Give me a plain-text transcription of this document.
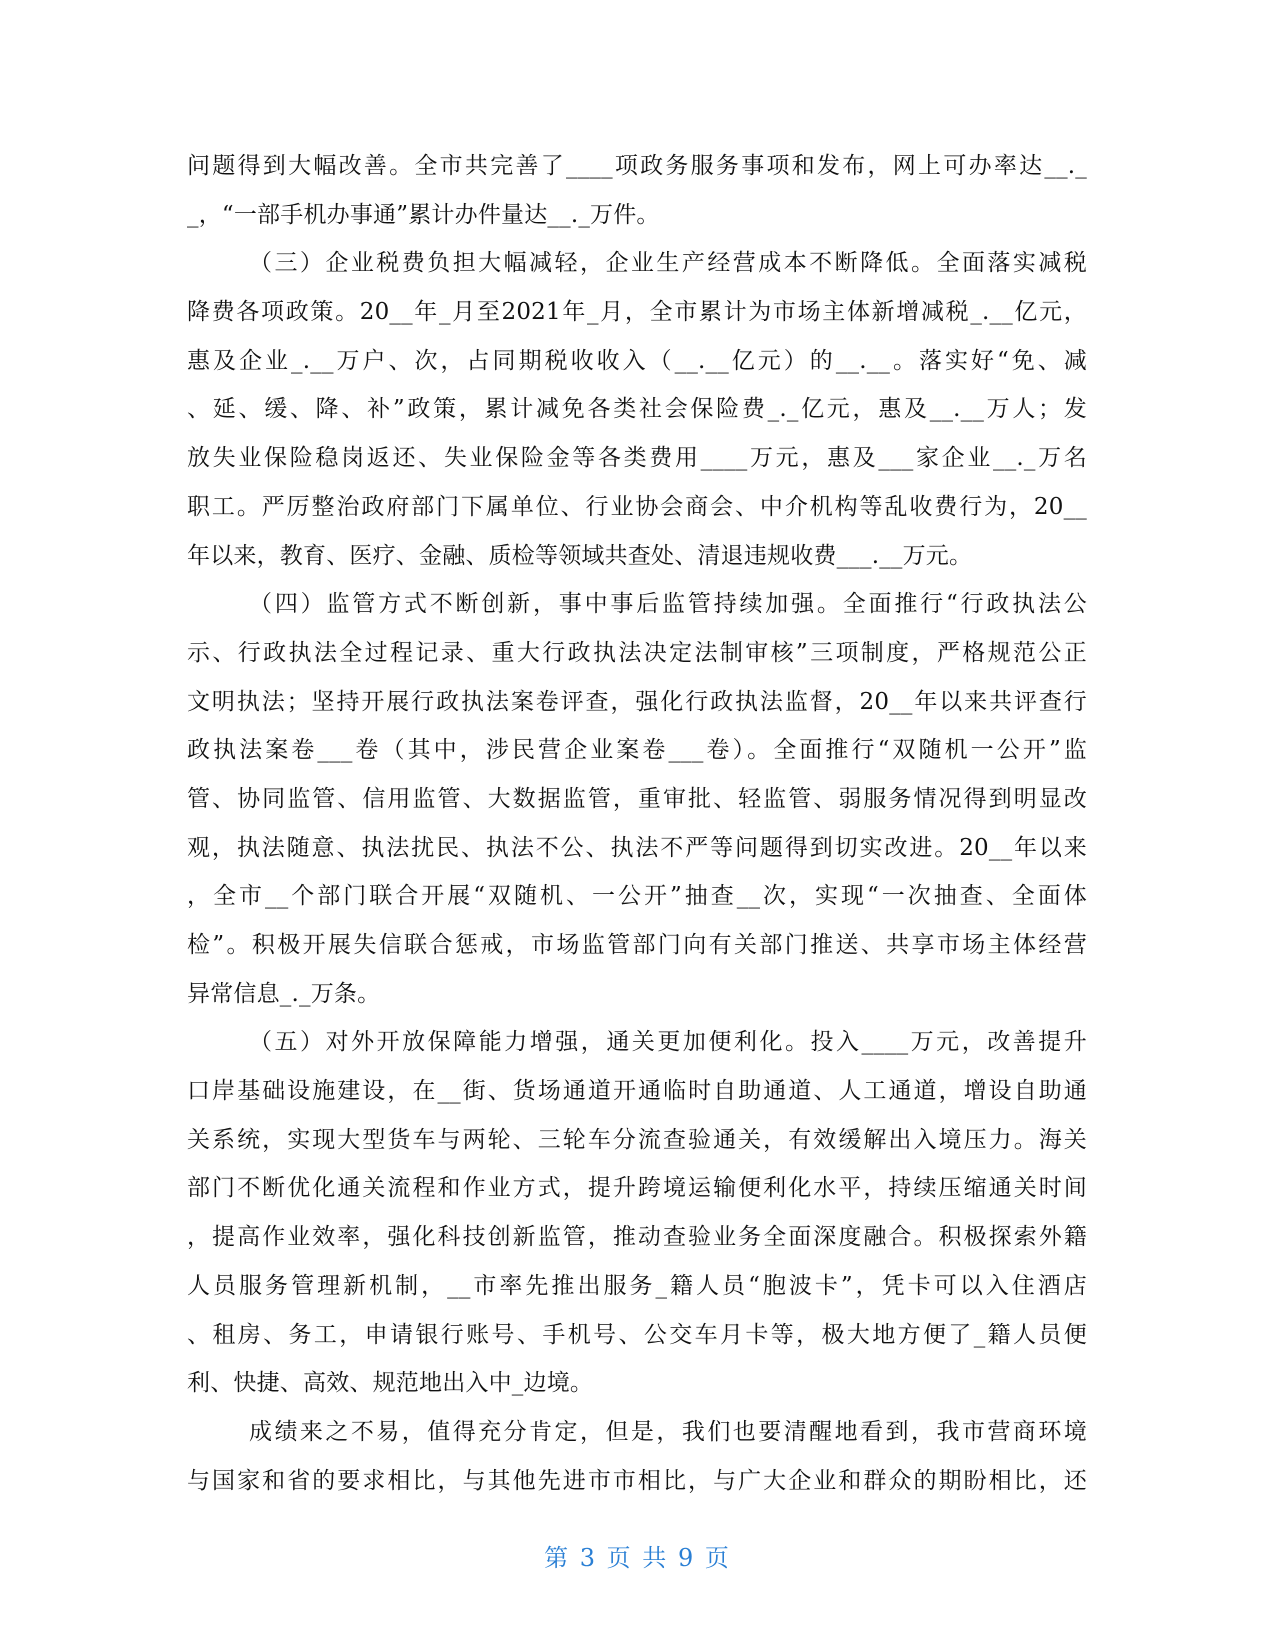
问题得到大幅改善。全市共完善了____项政务服务事项和发布，网上可办率达__._
_，“一部手机办事通”累计办件量达__._万件。
（三）企业税费负担大幅减轻，企业生产经营成本不断降低。全面落实减税
降费各项政策。20__年_月至2021年_月，全市累计为市场主体新增减税_.__亿元，
惠及企业_.__万户、次，占同期税收收入（__.__亿元）的__.__。落实好“免、减
、延、缓、降、补”政策，累计减免各类社会保险费_._亿元，惠及__.__万人；发
放失业保险稳岗返还、失业保险金等各类费用____万元，惠及___家企业__._万名
职工。严厉整治政府部门下属单位、行业协会商会、中介机构等乱收费行为，20__
年以来，教育、医疗、金融、质检等领域共查处、清退违规收费___.__万元。
（四）监管方式不断创新，事中事后监管持续加强。全面推行“行政执法公
示、行政执法全过程记录、重大行政执法决定法制审核”三项制度，严格规范公正
文明执法；坚持开展行政执法案卷评查，强化行政执法监督，20__年以来共评查行
政执法案卷___卷（其中，涉民营企业案卷___卷）。全面推行“双随机一公开”监
管、协同监管、信用监管、大数据监管，重审批、轻监管、弱服务情况得到明显改
观，执法随意、执法扰民、执法不公、执法不严等问题得到切实改进。20__年以来
，全市__个部门联合开展“双随机、一公开”抽查__次，实现“一次抽查、全面体
检”。积极开展失信联合惩戒，市场监管部门向有关部门推送、共享市场主体经营
异常信息_._万条。
（五）对外开放保障能力增强，通关更加便利化。投入____万元，改善提升
口岸基础设施建设，在__街、货场通道开通临时自助通道、人工通道，增设自助通
关系统，实现大型货车与两轮、三轮车分流查验通关，有效缓解出入境压力。海关
部门不断优化通关流程和作业方式，提升跨境运输便利化水平，持续压缩通关时间
，提高作业效率，强化科技创新监管，推动查验业务全面深度融合。积极探索外籍
人员服务管理新机制，__市率先推出服务_籍人员“胞波卡”，凭卡可以入住酒店
、租房、务工，申请银行账号、手机号、公交车月卡等，极大地方便了_籍人员便
利、快捷、高效、规范地出入中_边境。
成绩来之不易，值得充分肯定，但是，我们也要清醒地看到，我市营商环境
与国家和省的要求相比，与其他先进市市相比，与广大企业和群众的期盼相比，还
第 3 页 共 9 页
